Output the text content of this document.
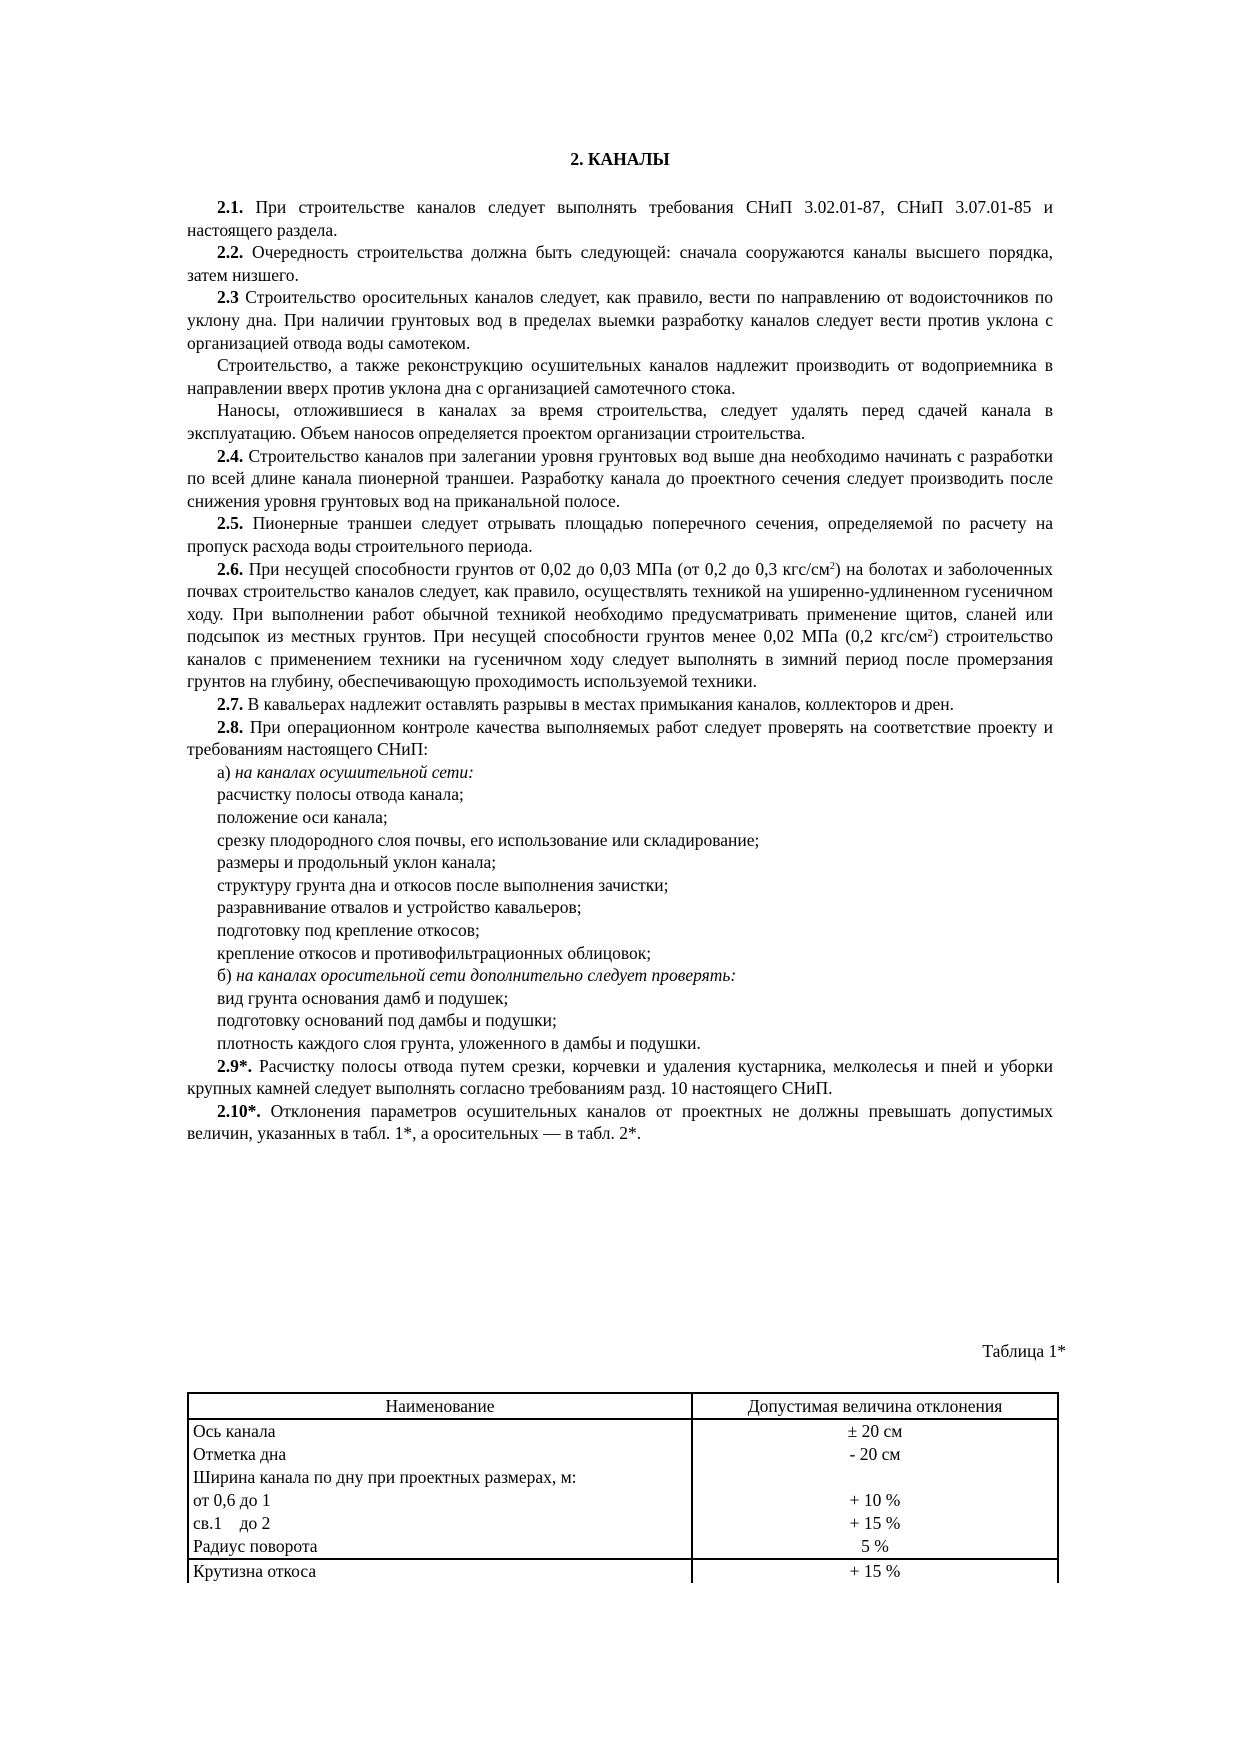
2. КАНАЛЫ

2.1. При строительстве каналов следует выполнять требования СНиП 3.02.01-87, СНиП 3.07.01-85 и настоящего раздела.

2.2. Очередность строительства должна быть следующей: сначала сооружаются каналы высшего порядка, затем низшего.

2.3 Строительство оросительных каналов следует, как правило, вести по направлению от водоисточников по уклону дна. При наличии грунтовых вод в пределах выемки разработку каналов следует вести против уклона с организацией отвода воды самотеком.

Строительство, а также реконструкцию осушительных каналов надлежит производить от водоприемника в направлении вверх против уклона дна с организацией самотечного стока.

Наносы, отложившиеся в каналах за время строительства, следует удалять перед сдачей канала в эксплуатацию. Объем наносов определяется проектом организации строительства.

2.4. Строительство каналов при залегании уровня грунтовых вод выше дна необходимо начинать с разработки по всей длине канала пионерной траншеи. Разработку канала до проектного сечения следует производить после снижения уровня грунтовых вод на приканальной полосе.

2.5. Пионерные траншеи следует отрывать площадью поперечного сечения, определяемой по расчету на пропуск расхода воды строительного периода.

2.6. При несущей способности грунтов от 0,02 до 0,03 МПа (от 0,2 до 0,3 кгс/$см^2$) на болотах и заболоченных почвах строительство каналов следует, как правило, осуществлять техникой на уширенно-удлиненном гусеничном ходу. При выполнении работ обычной техникой необходимо предусматривать применение щитов, сланей или подсыпок из местных грунтов. При несущей способности грунтов менее 0,02 МПа (0,2 кгс/$см^2$) строительство каналов с применением техники на гусеничном ходу следует выполнять в зимний период после промерзания грунтов на глубину, обеспечивающую проходимость используемой техники.

2.7. В кавальерах надлежит оставлять разрывы в местах примыкания каналов, коллекторов и дрен.

2.8. При операционном контроле качества выполняемых работ следует проверять на соответствие проекту и требованиям настоящего СНиП:

а) на каналах осушительной сети:

расчистку полосы отвода канала;

положение оси канала;

срезку плодородного слоя почвы, его использование или складирование;

размеры и продольный уклон канала;

структуру грунта дна и откосов после выполнения зачистки;

разравнивание отвалов и устройство кавальеров;

подготовку под крепление откосов;

крепление откосов и противофильтрационных облицовок;

б) на каналах оросительной сети дополнительно следует проверять:

вид грунта основания дамб и подушек;

подготовку оснований под дамбы и подушки;

плотность каждого слоя грунта, уложенного в дамбы и подушки.

2.9*. Расчистку полосы отвода путем срезки, корчевки и удаления кустарника, мелколесья и пней и уборки крупных камней следует выполнять согласно требованиям разд. 10 настоящего СНиП.

2.10*. Отклонения параметров осушительных каналов от проектных не должны превышать допустимых величин, указанных в табл. 1*, а оросительных — в табл. 2*.

Таблица 1*
Наименование	Допустимая величина отклонения
Ось канала	± 20 см
Отметка дна	- 20 см
Ширина канала по дну при проектных размерах, м:	
от 0,6 до 1	+ 10 %
св.1    до 2	+ 15 %
Радиус поворота	5 %
Крутизна откоса	+ 15 %
